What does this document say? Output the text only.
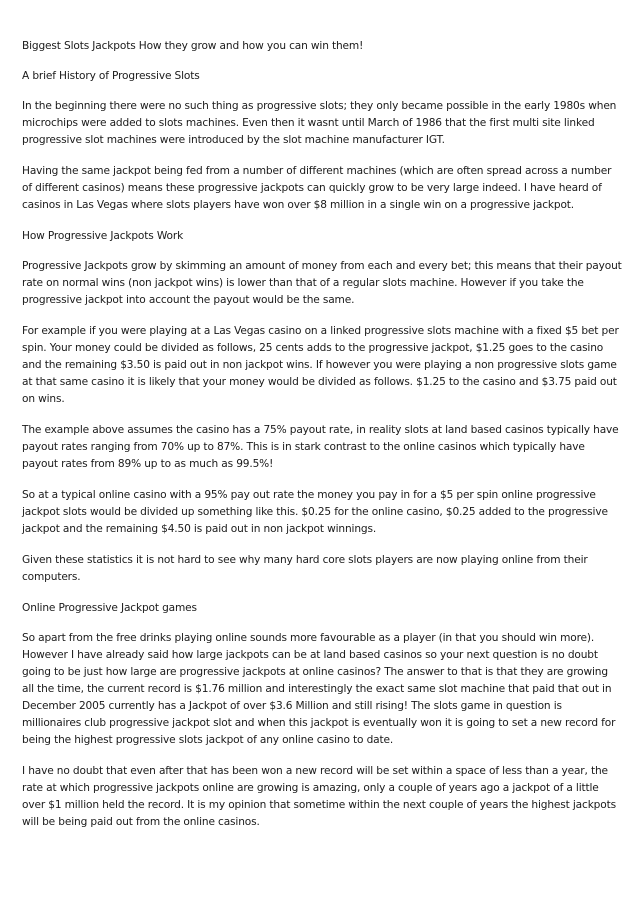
Biggest Slots Jackpots How they grow and how you can win them!

A brief History of Progressive Slots

In the beginning there were no such thing as progressive slots; they only became possible in the early 1980s when microchips were added to slots machines. Even then it wasnt until March of 1986 that the first multi site linked progressive slot machines were introduced by the slot machine manufacturer IGT.

Having the same jackpot being fed from a number of different machines (which are often spread across a number of different casinos) means these progressive jackpots can quickly grow to be very large indeed. I have heard of casinos in Las Vegas where slots players have won over $8 million in a single win on a progressive jackpot.

How Progressive Jackpots Work

Progressive Jackpots grow by skimming an amount of money from each and every bet; this means that their payout rate on normal wins (non jackpot wins) is lower than that of a regular slots machine. However if you take the progressive jackpot into account the payout would be the same.

For example if you were playing at a Las Vegas casino on a linked progressive slots machine with a fixed $5 bet per spin. Your money could be divided as follows, 25 cents adds to the progressive jackpot, $1.25 goes to the casino and the remaining $3.50 is paid out in non jackpot wins. If however you were playing a non progressive slots game at that same casino it is likely that your money would be divided as follows. $1.25 to the casino and $3.75 paid out on wins.

The example above assumes the casino has a 75% payout rate, in reality slots at land based casinos typically have payout rates ranging from 70% up to 87%. This is in stark contrast to the online casinos which typically have payout rates from 89% up to as much as 99.5%!

So at a typical online casino with a 95% pay out rate the money you pay in for a $5 per spin online progressive jackpot slots would be divided up something like this. $0.25 for the online casino, $0.25 added to the progressive jackpot and the remaining $4.50 is paid out in non jackpot winnings.

Given these statistics it is not hard to see why many hard core slots players are now playing online from their computers.

Online Progressive Jackpot games

So apart from the free drinks playing online sounds more favourable as a player (in that you should win more). However I have already said how large jackpots can be at land based casinos so your next question is no doubt going to be just how large are progressive jackpots at online casinos? The answer to that is that they are growing all the time, the current record is $1.76 million and interestingly the exact same slot machine that paid that out in December 2005 currently has a Jackpot of over $3.6 Million and still rising! The slots game in question is millionaires club progressive jackpot slot and when this jackpot is eventually won it is going to set a new record for being the highest progressive slots jackpot of any online casino to date.

I have no doubt that even after that has been won a new record will be set within a space of less than a year, the rate at which progressive jackpots online are growing is amazing, only a couple of years ago a jackpot of a little over $1 million held the record. It is my opinion that sometime within the next couple of years the highest jackpots will be being paid out from the online casinos.
